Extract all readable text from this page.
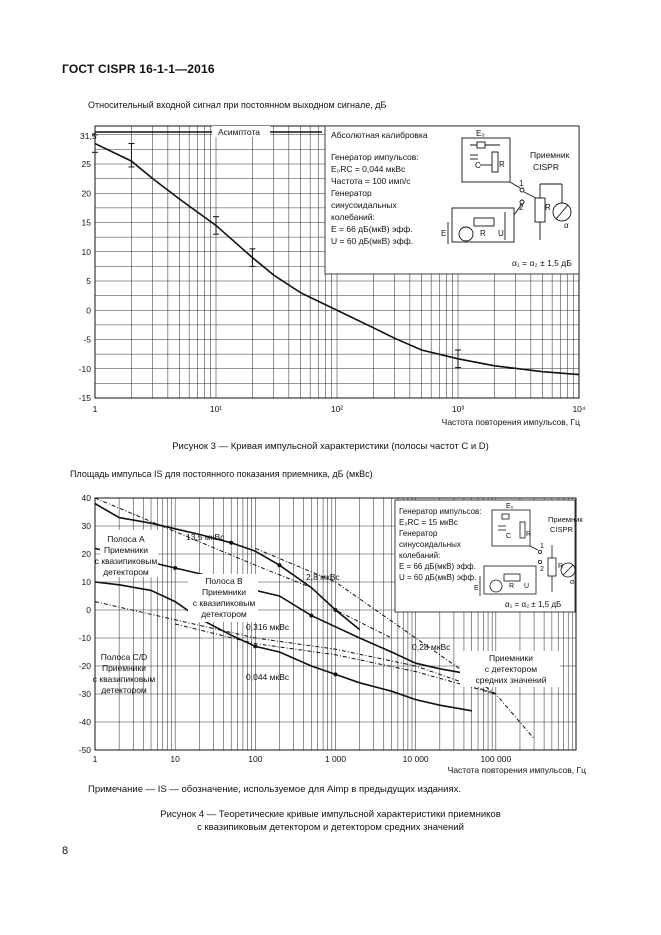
ГОСТ CISPR 16-1-1—2016
Относительный входной сигнал при постоянном выходном сигнале, дБ
Площадь импульса IS для постоянного показания приемника, дБ (мкВс)
25
20
15
10
5
0
-5
-10
-15
1	10¹	10²	10³	10⁴
Частота повторения импульсов, Гц
31,5	Асимптота	Абсолютная калибровка
Генератор импульсов:
E₀RC = 0,044 мкВс
Частота = 100 имп/с
Генератор
синусоидальных
колебаний:
E = 66 дБ(мкВ) эфф.
U = 60 дБ(мкВ) эфф.
Приемник
CISPR
α₁ = α₂ ± 1,5 дБ
E₀
C R
1
2	R
α
R U
E
40
30
20
10
0
-10
-20
-30
-40
-50
1	10	100	1 000	10 000	100 000
Частота повторения импульсов, Гц
Полоса А
Приемники
с квазипиковым
детектором
Полоса В
Приемники
с квазипиковым
детектором
Полоса C/D
Приемники
с квазипиковым
детектором
Приемники
с детектором
средних значений
13,5 мкВс
2,8 мкВс
0,316 мкВс
0,28 мкВс
0,044 мкВс
Генератор импульсов:
E₀RC = 15 мкВс
Генератор
синусоидальных
колебаний:
E = 66 дБ(мкВ) эфф.
U = 60 дБ(мкВ) эфф.
Приемник
CISPR
α₁ = α₂ ± 1,5 дБ
E₀
C R
1
2 R
α
R U
E
Рисунок 3 — Кривая импульсной характеристики (полосы частот C и D)
Примечание — IS — обозначение, используемое для Aimp в предыдущих изданиях.
Рисунок 4 — Теоретические кривые импульсной характеристики приемников
с квазипиковым детектором и детектором средних значений
8
